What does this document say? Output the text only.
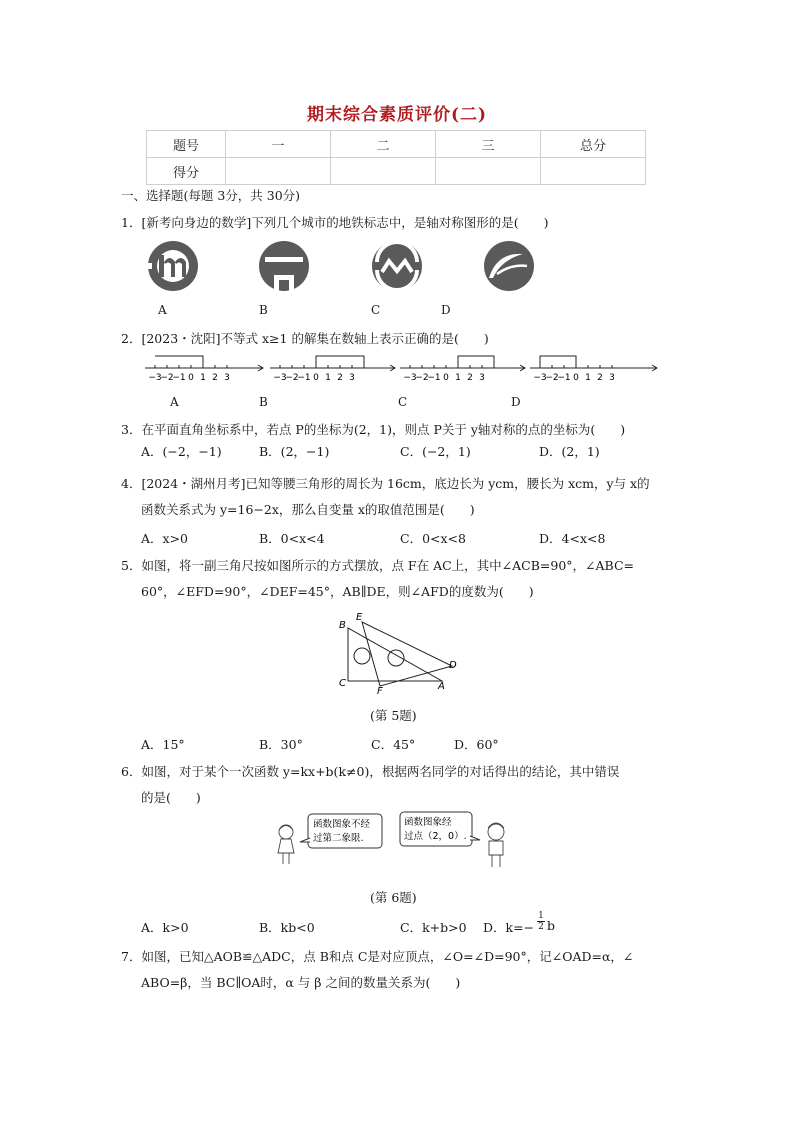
期末综合素质评价(二)
题号	一	二	三	总分
得分				
一、选择题(每题 3分，共 30分)
1．[新考向身边的数学]下列几个城市的地铁标志中，是轴对称图形的是(　　)
A	B	C	D
2．[2023・沈阳]不等式 x≥1 的解集在数轴上表示正确的是(　　)
−3
−2
−1 0 1 2 3	−3
−2
−1 0 1 2 3	−3
−2
−1 0 1 2 3	−3
−2
−1 0 1 2 3
A	B	C	D
3．在平面直角坐标系中，若点 P的坐标为(2，1)，则点 P关于 y轴对称的点的坐标为(　　)
A．(−2，−1)	B．(2，−1)	C．(−2，1)	D．(2，1)
4．[2024・湖州月考]已知等腰三角形的周长为 16cm，底边长为 ycm，腰长为 xcm，y与 x的
函数关系式为 y=16−2x，那么自变量 x的取值范围是(　　)
A．x>0	B．0<x<4	C．0<x<8	D．4<x<8
5．如图，将一副三角尺按如图所示的方式摆放，点 F在 AC上，其中∠ACB=90°，∠ABC=
60°，∠EFD=90°，∠DEF=45°，AB∥DE，则∠AFD的度数为(　　)
B
E
C
F	A
D
(第 5题)
A．15°	B．30°	C．45°	D．60°
6．如图，对于某个一次函数 y=kx+b(k≠0)，根据两名同学的对话得出的结论，其中错误
的是(　　)
函数图象不经
过第二象限.
函数图象经
过点（2，0）.
(第 6题)
A．k>0	B．kb<0	C．k+b>0 D．k=−
1
2 b
7．如图，已知△AOB≌△ADC，点 B和点 C是对应顶点，∠O=∠D=90°，记∠OAD=α，∠
ABO=β，当 BC∥OA时，α 与 β 之间的数量关系为(　　)
